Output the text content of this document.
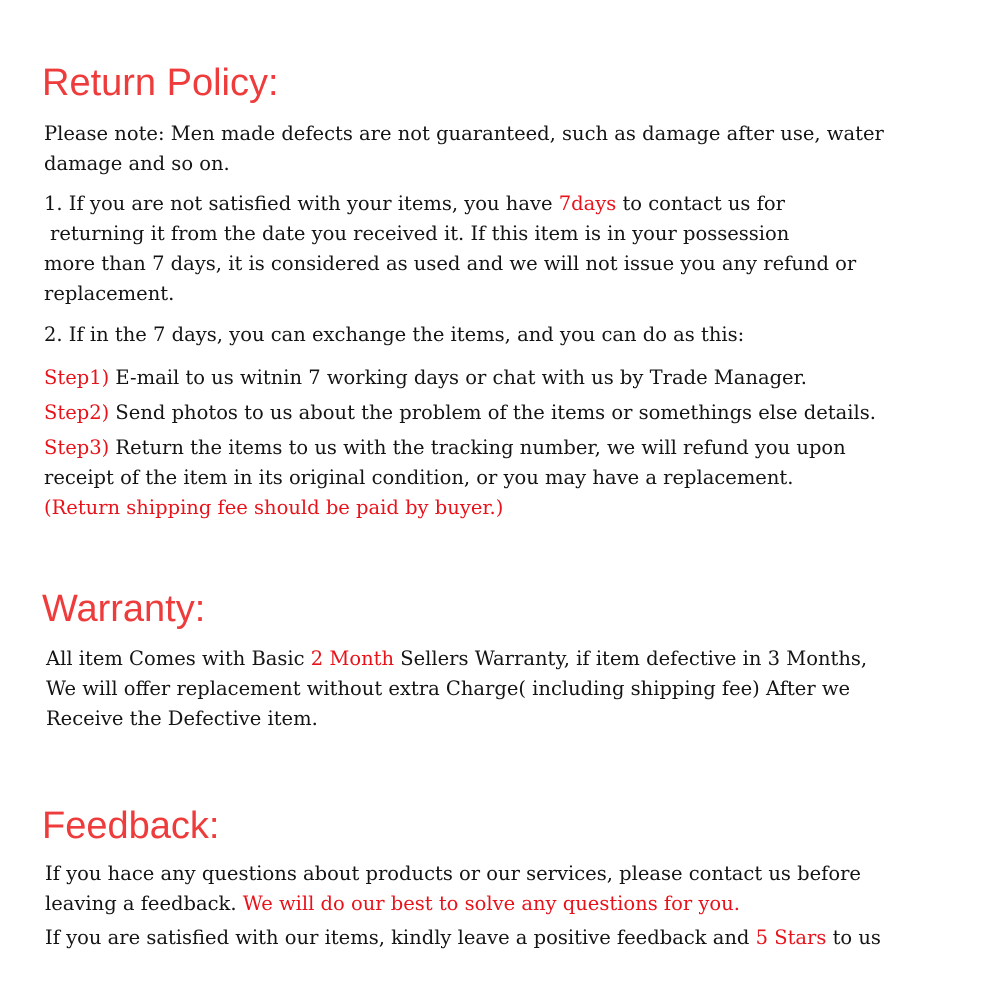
Return Policy:

Please note: Men made defects are not guaranteed, such as damage after use, water

damage and so on.

1. If you are not satisfied with your items, you have 7days to contact us for

returning it from the date you received it. If this item is in your possession

more than 7 days, it is considered as used and we will not issue you any refund or

replacement.

2. If in the 7 days, you can exchange the items, and you can do as this:

Step1) E-mail to us witnin 7 working days or chat with us by Trade Manager.

Step2) Send photos to us about the problem of the items or somethings else details.

Step3) Return the items to us with the tracking number, we will refund you upon

receipt of the item in its original condition, or you may have a replacement.

(Return shipping fee should be paid by buyer.)

Warranty:

All item Comes with Basic 2 Month Sellers Warranty, if item defective in 3 Months,

We will offer replacement without extra Charge( including shipping fee) After we

Receive the Defective item.

Feedback:

If you hace any questions about products or our services, please contact us before

leaving a feedback. We will do our best to solve any questions for you.

If you are satisfied with our items, kindly leave a positive feedback and 5 Stars to us
